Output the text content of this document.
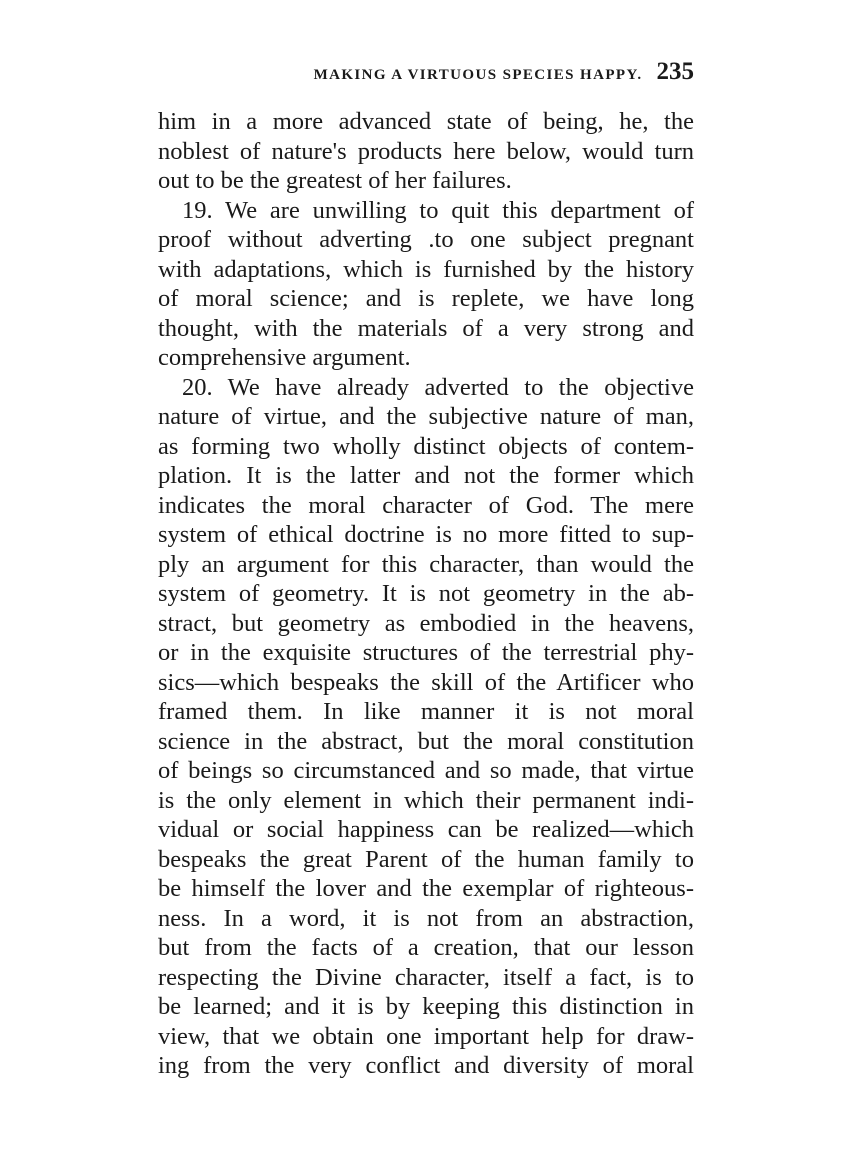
MAKING A VIRTUOUS SPECIES HAPPY. 235
him in a more advanced state of being, he, the
noblest of nature's products here below, would turn
out to be the greatest of her failures.
19. We are unwilling to quit this department of
proof without adverting .to one subject pregnant
with adaptations, which is furnished by the history
of moral science; and is replete, we have long
thought, with the materials of a very strong and
comprehensive argument.
20. We have already adverted to the objective
nature of virtue, and the subjective nature of man,
as forming two wholly distinct objects of contem-
plation. It is the latter and not the former which
indicates the moral character of God. The mere
system of ethical doctrine is no more fitted to sup-
ply an argument for this character, than would the
system of geometry. It is not geometry in the ab-
stract, but geometry as embodied in the heavens,
or in the exquisite structures of the terrestrial phy-
sics—which bespeaks the skill of the Artificer who
framed them. In like manner it is not moral
science in the abstract, but the moral constitution
of beings so circumstanced and so made, that virtue
is the only element in which their permanent indi-
vidual or social happiness can be realized—which
bespeaks the great Parent of the human family to
be himself the lover and the exemplar of righteous-
ness. In a word, it is not from an abstraction,
but from the facts of a creation, that our lesson
respecting the Divine character, itself a fact, is to
be learned; and it is by keeping this distinction in
view, that we obtain one important help for draw-
ing from the very conflict and diversity of moral
